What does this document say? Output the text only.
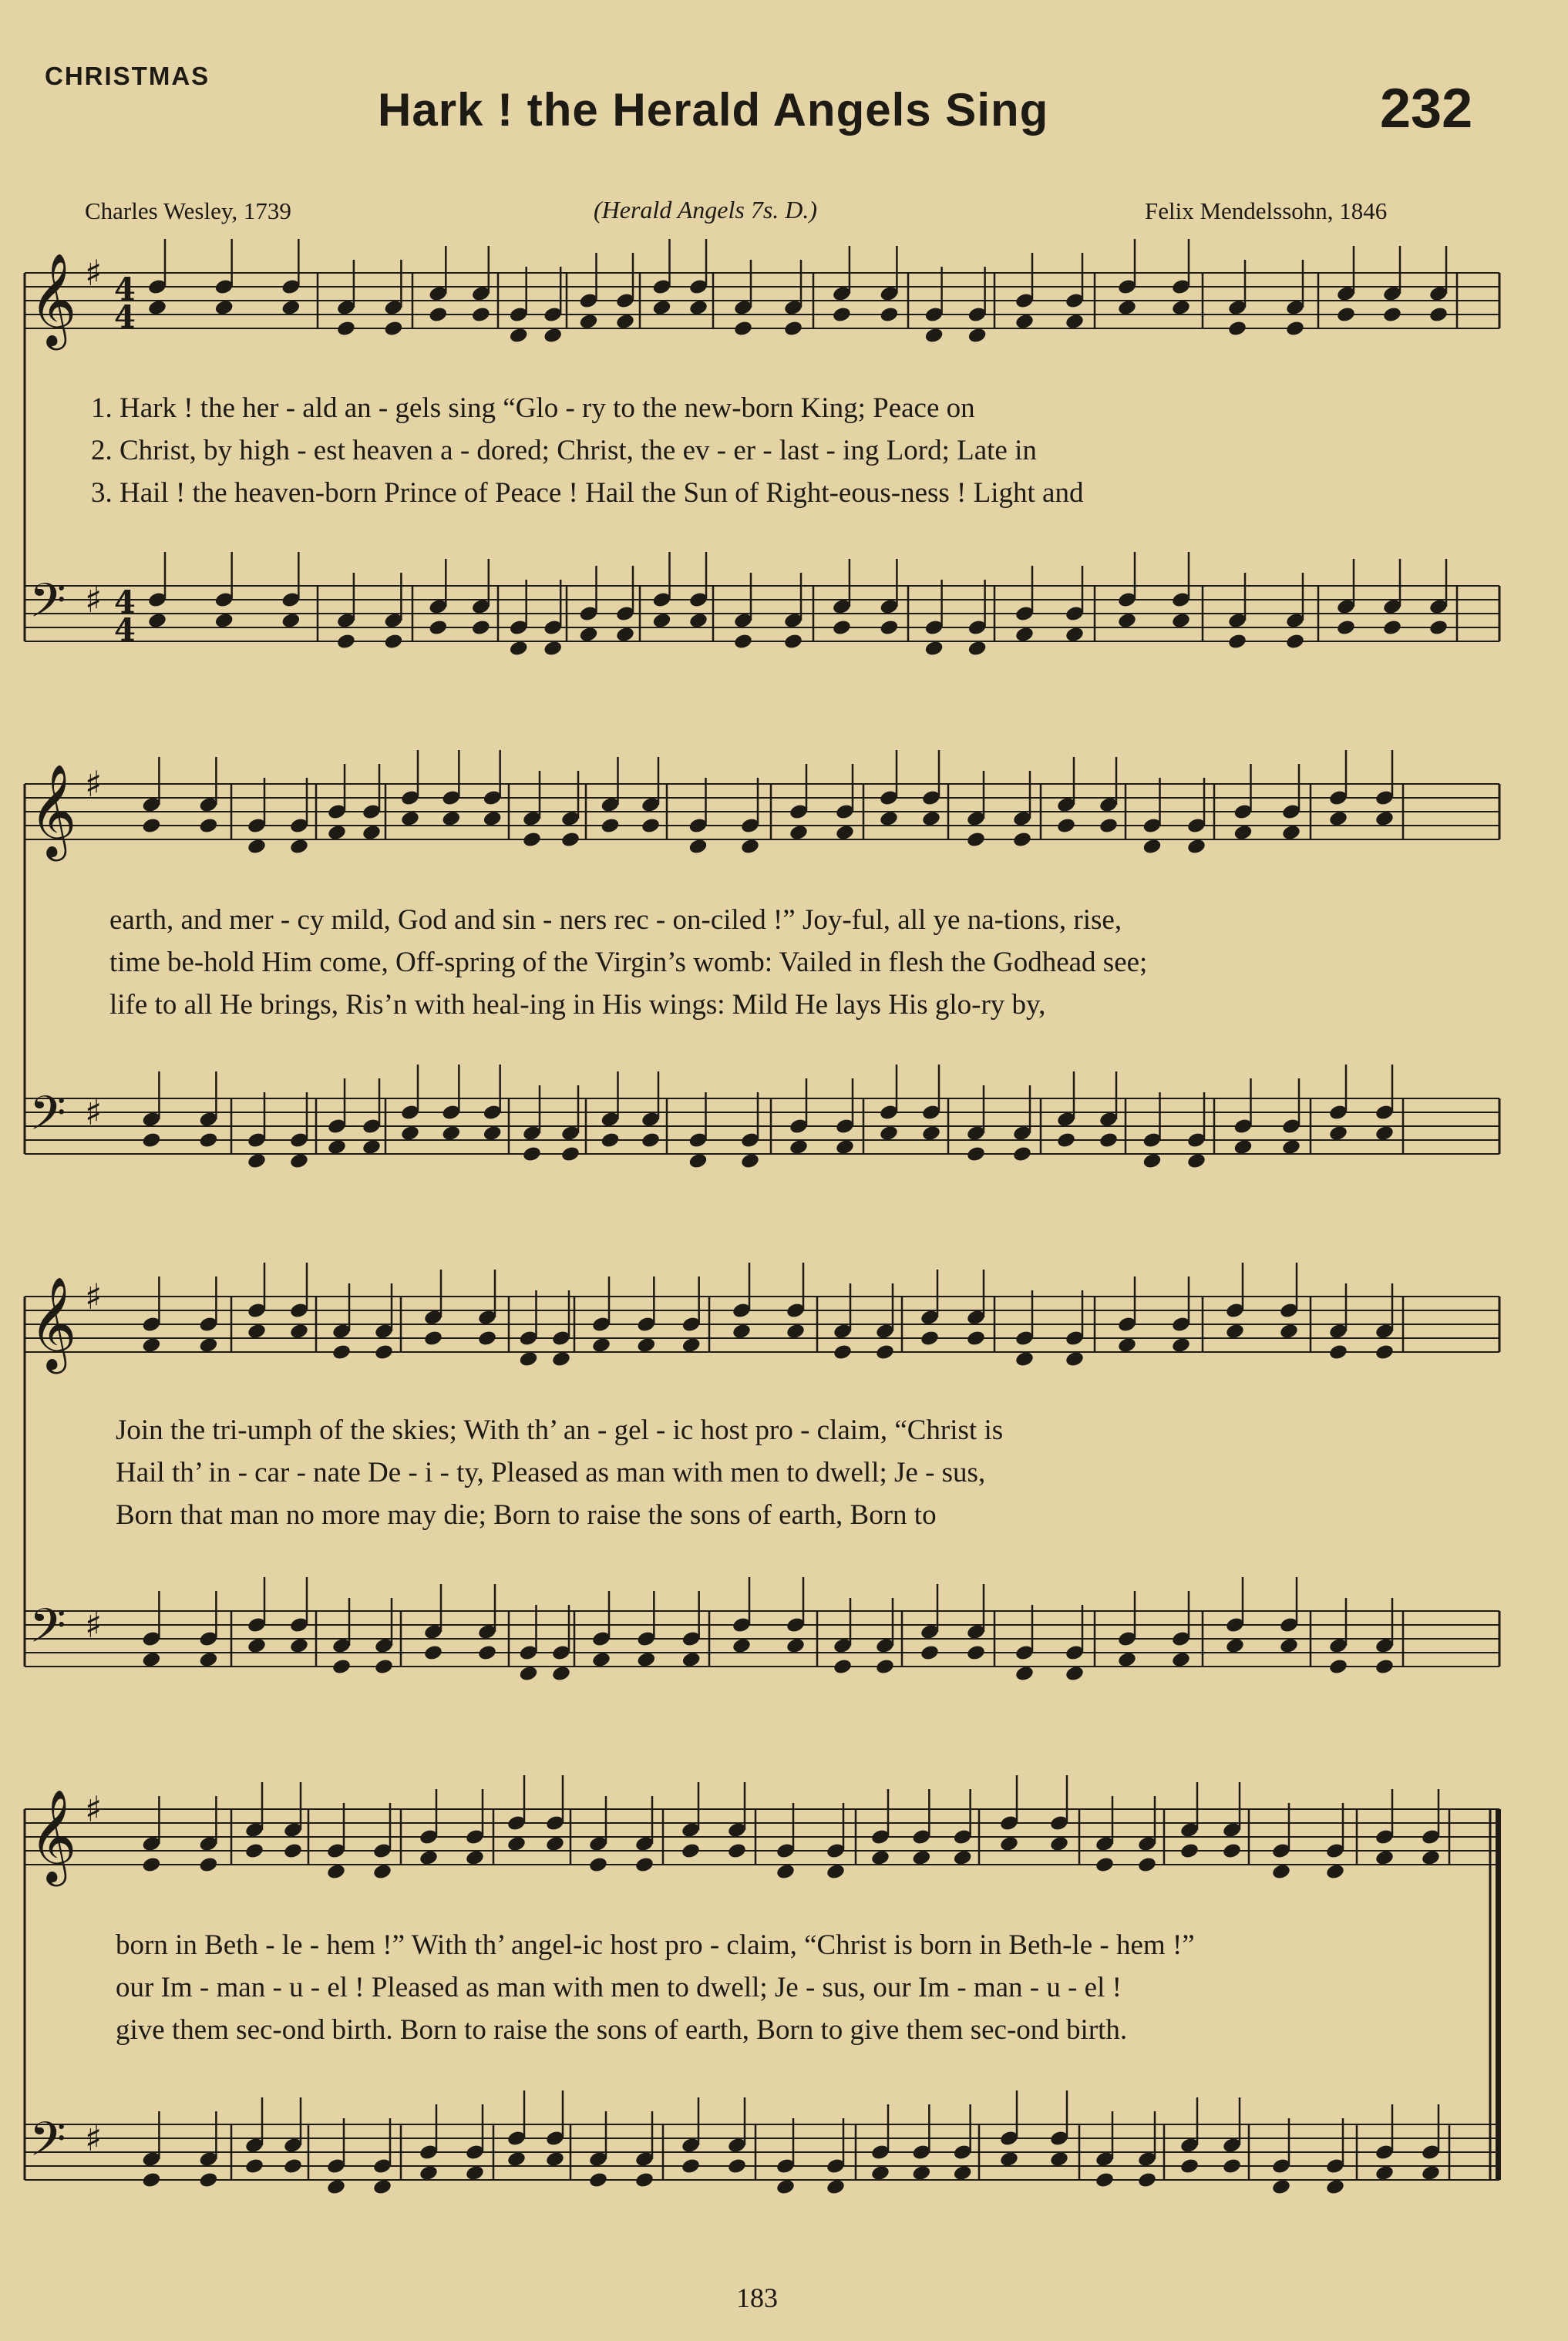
CHRISTMAS
Hark ! the Herald Angels Sing	232
Charles Wesley, 1739	(Herald Angels 7s. D.)	Felix Mendelssohn, 1846
𝄞 ♯ 4
4
𝄢 ♯ 4
4
𝄞 ♯
𝄢 ♯
𝄞 ♯
𝄢 ♯
𝄞 ♯
𝄢 ♯
1. Hark ! the her - ald an - gels sing “Glo - ry to the new-born King; Peace on
2. Christ, by high - est heaven a - dored; Christ, the ev - er - last - ing Lord; Late in
3. Hail ! the heaven-born Prince of Peace ! Hail the Sun of Right-eous-ness ! Light and
earth, and mer - cy mild, God and sin - ners rec - on-ciled !” Joy-ful, all ye na-tions, rise,
time be-hold Him come, Off-spring of the Virgin’s womb: Vailed in flesh the Godhead see;
life to all He brings, Ris’n with heal-ing in His wings: Mild He lays His glo-ry by,
Join the tri-umph of the skies; With th’ an - gel - ic host pro - claim, “Christ is
Hail th’ in - car - nate De - i - ty, Pleased as man with men to dwell; Je - sus,
Born that man no more may die; Born to raise the sons of earth, Born to
born in Beth - le - hem !” With th’ angel-ic host pro - claim, “Christ is born in Beth-le - hem !”
our Im - man - u - el ! Pleased as man with men to dwell; Je - sus, our Im - man - u - el !
give them sec-ond birth. Born to raise the sons of earth, Born to give them sec-ond birth.
183
